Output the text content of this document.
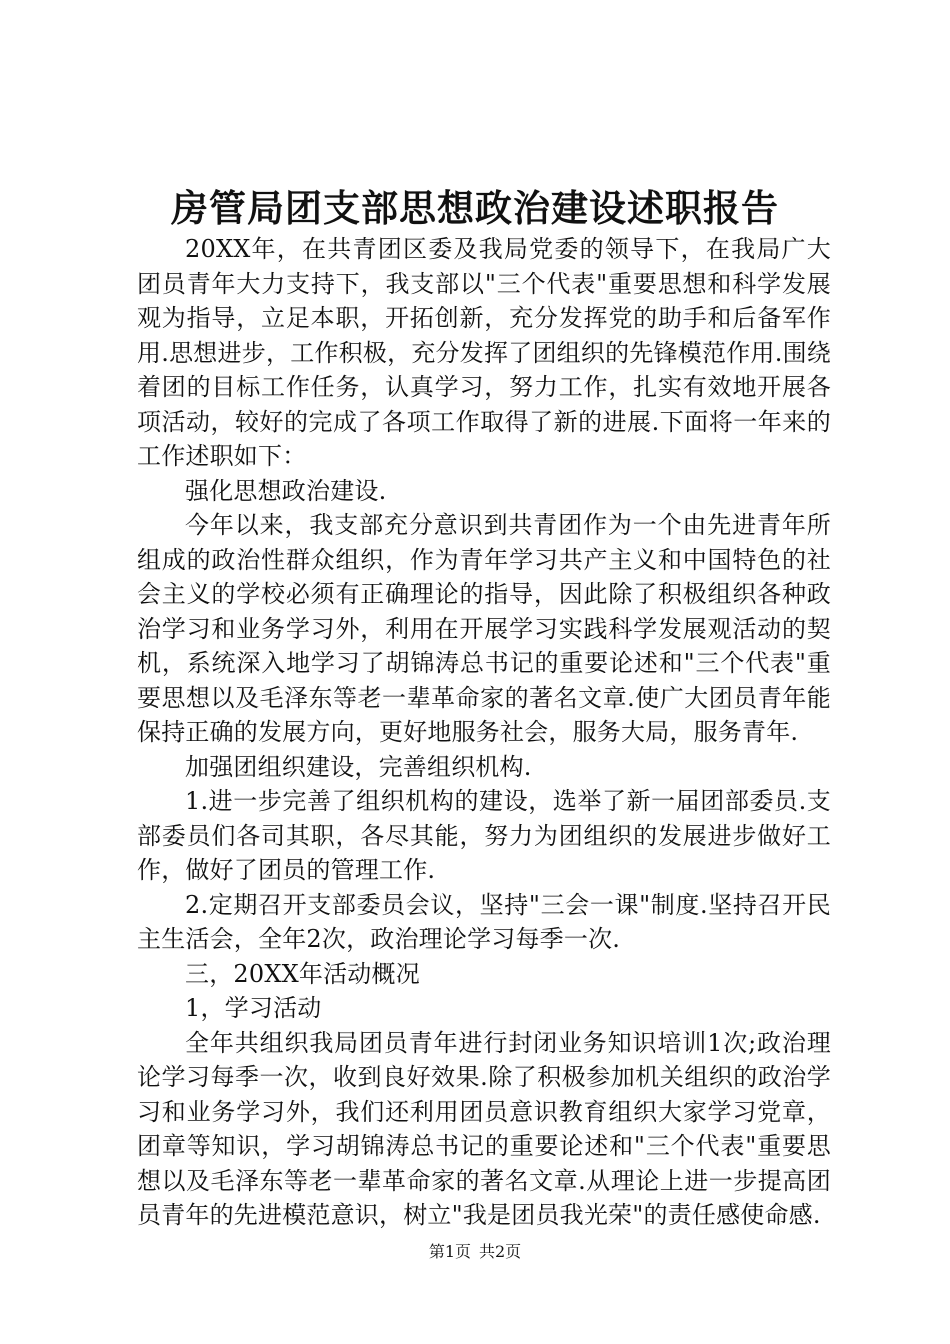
房管局团支部思想政治建设述职报告

20XX年，在共青团区委及我局党委的领导下，在我局广大团员青年大力支持下，我支部以"三个代表"重要思想和科学发展观为指导，立足本职，开拓创新，充分发挥党的助手和后备军作用.思想进步，工作积极，充分发挥了团组织的先锋模范作用.围绕着团的目标工作任务，认真学习，努力工作，扎实有效地开展各项活动，较好的完成了各项工作取得了新的进展.下面将一年来的工作述职如下：

强化思想政治建设.

今年以来，我支部充分意识到共青团作为一个由先进青年所组成的政治性群众组织，作为青年学习共产主义和中国特色的社会主义的学校必须有正确理论的指导，因此除了积极组织各种政治学习和业务学习外，利用在开展学习实践科学发展观活动的契机，系统深入地学习了胡锦涛总书记的重要论述和"三个代表"重要思想以及毛泽东等老一辈革命家的著名文章.使广大团员青年能保持正确的发展方向，更好地服务社会，服务大局，服务青年.

加强团组织建设，完善组织机构.

1.进一步完善了组织机构的建设，选举了新一届团部委员.支部委员们各司其职，各尽其能，努力为团组织的发展进步做好工作，做好了团员的管理工作.

2.定期召开支部委员会议，坚持"三会一课"制度.坚持召开民主生活会，全年2次，政治理论学习每季一次.

三，20XX年活动概况

1，学习活动

全年共组织我局团员青年进行封闭业务知识培训1次;政治理论学习每季一次，收到良好效果.除了积极参加机关组织的政治学习和业务学习外，我们还利用团员意识教育组织大家学习党章，团章等知识，学习胡锦涛总书记的重要论述和"三个代表"重要思想以及毛泽东等老一辈革命家的著名文章.从理论上进一步提高团员青年的先进模范意识，树立"我是团员我光荣"的责任感使命感.

第1页 共2页
